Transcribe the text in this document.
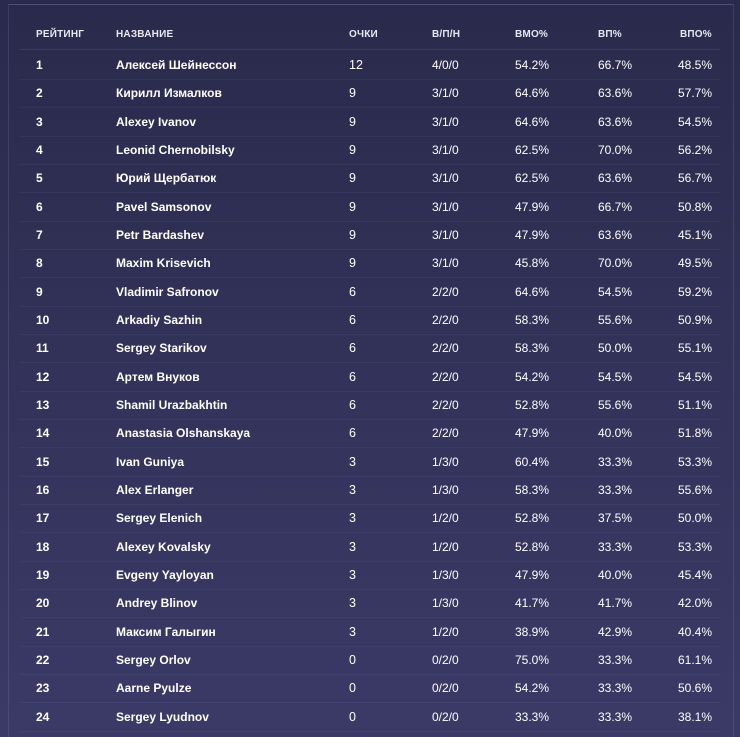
РЕЙТИНГ	НАЗВАНИЕ	ОЧКИ	В/П/Н	ВМО%	ВП%	ВПО%
1	Алексей Шейнессон	12	4/0/0	54.2%	66.7%	48.5%
2	Кирилл Измалков	9	3/1/0	64.6%	63.6%	57.7%
3	Alexey Ivanov	9	3/1/0	64.6%	63.6%	54.5%
4	Leonid Chernobilsky	9	3/1/0	62.5%	70.0%	56.2%
5	Юрий Щербатюк	9	3/1/0	62.5%	63.6%	56.7%
6	Pavel Samsonov	9	3/1/0	47.9%	66.7%	50.8%
7	Petr Bardashev	9	3/1/0	47.9%	63.6%	45.1%
8	Maxim Krisevich	9	3/1/0	45.8%	70.0%	49.5%
9	Vladimir Safronov	6	2/2/0	64.6%	54.5%	59.2%
10	Arkadiy Sazhin	6	2/2/0	58.3%	55.6%	50.9%
11	Sergey Starikov	6	2/2/0	58.3%	50.0%	55.1%
12	Артем Внуков	6	2/2/0	54.2%	54.5%	54.5%
13	Shamil Urazbakhtin	6	2/2/0	52.8%	55.6%	51.1%
14	Anastasia Olshanskaya	6	2/2/0	47.9%	40.0%	51.8%
15	Ivan Guniya	3	1/3/0	60.4%	33.3%	53.3%
16	Alex Erlanger	3	1/3/0	58.3%	33.3%	55.6%
17	Sergey Elenich	3	1/2/0	52.8%	37.5%	50.0%
18	Alexey Kovalsky	3	1/2/0	52.8%	33.3%	53.3%
19	Evgeny Yayloyan	3	1/3/0	47.9%	40.0%	45.4%
20	Andrey Blinov	3	1/3/0	41.7%	41.7%	42.0%
21	Максим Галыгин	3	1/2/0	38.9%	42.9%	40.4%
22	Sergey Orlov	0	0/2/0	75.0%	33.3%	61.1%
23	Aarne Pyulze	0	0/2/0	54.2%	33.3%	50.6%
24	Sergey Lyudnov	0	0/2/0	33.3%	33.3%	38.1%
